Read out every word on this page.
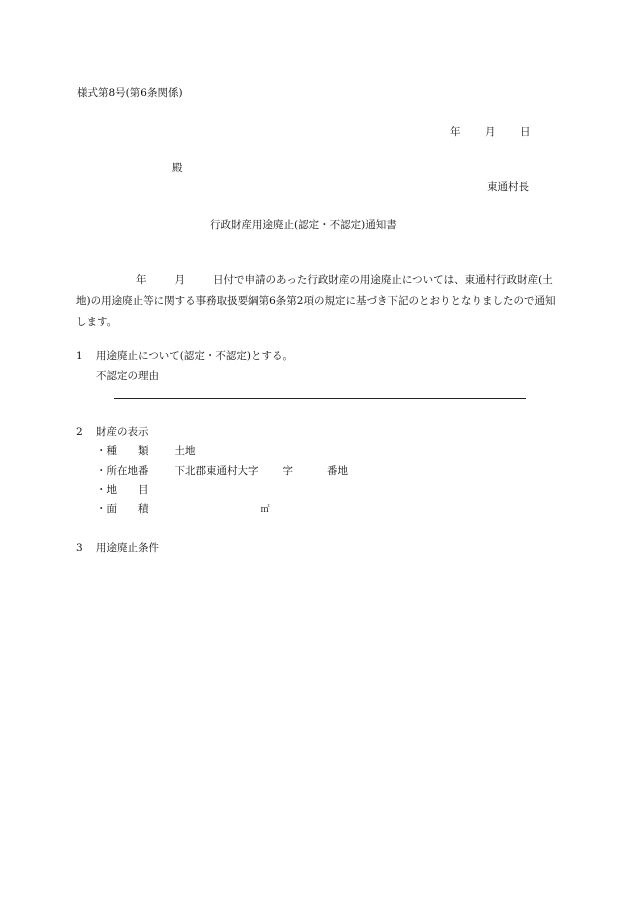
様式第8号(第6条関係)
年 月 日
殿
東通村長
行政財産用途廃止(認定・不認定)通知書
年	月	日付で申請のあった行政財産の用途廃止については、東通村行政財産(土地)の用途廃止等に関する事務取扱要綱第6条第2項の規定に基づき下記のとおりとなりましたので通知します。
1 用途廃止について(認定・不認定)とする。
不認定の理由
2 財産の表示
・種　　類 土地
・所在地番 下北郡東通村大字 字	番地
・地　　目
・面　　積	㎡
3 用途廃止条件
